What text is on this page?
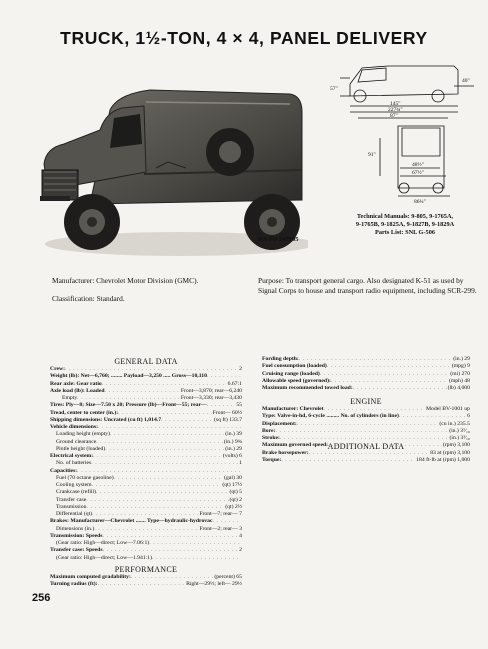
TRUCK, 1½-TON, 4 × 4, PANEL DELIVERY
57"
40"
145"
227¾"
87"
91"
48½"
67½"
86¼"
Technical Manuals: 9-805, 9-1765A,
9-1765B, 9-1825A, 9-1827B, 9-1829A
Parts List: SNL G-506
RA PD 347005
Manufacturer: Chevrolet Motor Division (GMC).
Classification: Standard.
Purpose: To transport general cargo. Also designated K-51 as used by Signal Corps to house and transport radio equipment, including SCR-299.
GENERAL DATA
Crew: . . .	2
Weight (lb): Net—6,760; ........ Payload—3,250 ..... Gross—10,110
. . .
Rear axle: Gear ratio . . .	6.67:1
Axle load (lb): Loaded . . .	Front—3,870; rear—6,240
Empty . . .	Front—3,330; rear—3,430
Tires: Ply—8; Size—7.50 x 20; Pressure (lb)—Front—55; rear— . . .	55
Tread, center to center (in.): . . .	Front— 60½
Shipping dimensions: Uncrated (cu ft) 1,014.7 . . .	(sq ft) 133.7
Vehicle dimensions:
. . .
Loading height (empty) . . .	(in.) 39
Ground clearance . . .	(in.) 9¾
Pintle height (loaded) . . .	(in.) 29
Electrical system: . . .	(volts) 6
No. of batteries . . .	1
Capacities:
. . .
Fuel (70 octane gasoline) . . .	(gal) 30
Cooling system . . .	(qt) 17½
Crankcase (refill) . . .	(qt) 5
Transfer case . . .	(qt) 2
Transmission . . .	(qt) 2½
Differential (qt) . . .	Front—7; rear— 7
Brakes: Manufacturer—Chevrolet ....... Type—hydraulic-hydrovac
. . .
Dimensions (in.) . . .	Front—2; rear— 3
Transmission: Speeds . . .	4
(Gear ratio: High—direct; Low—7.06:1)
. . .
Transfer case: Speeds . . .	2
(Gear ratio: High—direct; Low—1.941:1)
. . .
Fording depth: . . .	(in.) 29
Fuel consumption (loaded) . . .	(mpg) 9
Cruising range (loaded) . . .	(mi) 270
Allowable speed (governed): . . .	(mph) 48
Maximum recommended towed load: . . .	(lb) 4,000
ENGINE
Manufacturer: Chevrolet . . .	Model BV-1001 up
Type: Valve-in-hd, 6-cycle ......... No. of cylinders (in line) . . .	6
Displacement: . . .	(cu in.) 235.5
Bore: . . .	(in.) 3⁵⁄₁₆
Stroke: . . .	(in.) 3³⁄₁₆
Maximum governed speed: . . .	(rpm) 3,100
Brake horsepower: . . .	83 at (rpm) 3,100
Torque: . . .	184 ft-lb at (rpm) 1,000
ADDITIONAL DATA
PERFORMANCE
Maximum computed gradability: . . .	(percent) 65
Turning radius (ft): . . .	Right—29½; left— 29½
256
